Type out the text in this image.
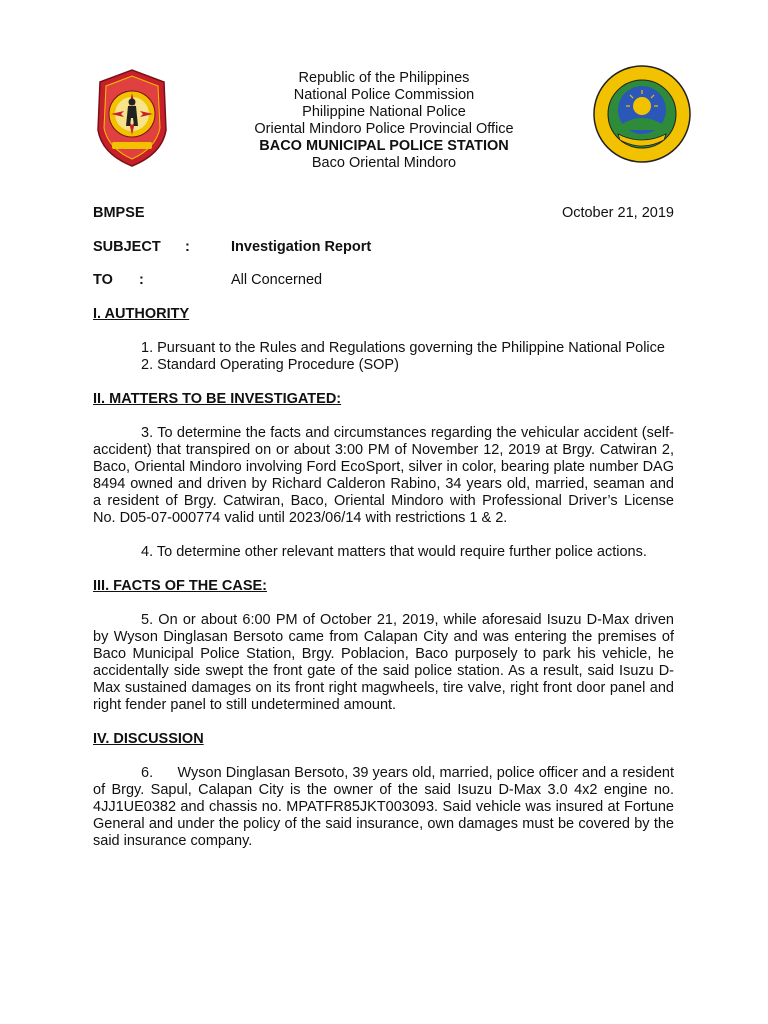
Republic of the Philippines
National Police Commission
Philippine National Police
Oriental Mindoro Police Provincial Office
BACO MUNICIPAL POLICE STATION
Baco Oriental Mindoro
BMPSE	October 21, 2019
SUBJECT :	Investigation Report
TO :	All Concerned
I. AUTHORITY

1. Pursuant to the Rules and Regulations governing the Philippine National Police

2. Standard Operating Procedure (SOP)

II. MATTERS TO BE INVESTIGATED:

3. To determine the facts and circumstances regarding the vehicular accident (self-accident) that transpired on or about 3:00 PM of November 12, 2019 at Brgy. Catwiran 2, Baco, Oriental Mindoro involving Ford EcoSport, silver in color, bearing plate number DAG 8494 owned and driven by Richard Calderon Rabino, 34 years old, married, seaman and a resident of Brgy. Catwiran, Baco, Oriental Mindoro with Professional Driver’s License No. D05-07-000774 valid until 2023/06/14 with restrictions 1 & 2.

4. To determine other relevant matters that would require further police actions.

III. FACTS OF THE CASE:

5. On or about 6:00 PM of October 21, 2019, while aforesaid Isuzu D-Max driven by Wyson Dinglasan Bersoto came from Calapan City and was entering the premises of Baco Municipal Police Station, Brgy. Poblacion, Baco purposely to park his vehicle, he accidentally side swept the front gate of the said police station. As a result, said Isuzu D-Max sustained damages on its front right magwheels, tire valve, right front door panel and right fender panel to still undetermined amount.

IV. DISCUSSION

6.      Wyson Dinglasan Bersoto, 39 years old, married, police officer and a resident of Brgy. Sapul, Calapan City is the owner of the said Isuzu D-Max 3.0 4x2 engine no. 4JJ1UE0382 and chassis no. MPATFR85JKT003093. Said vehicle was insured at Fortune General and under the policy of the said insurance, own damages must be covered by the said insurance company.
